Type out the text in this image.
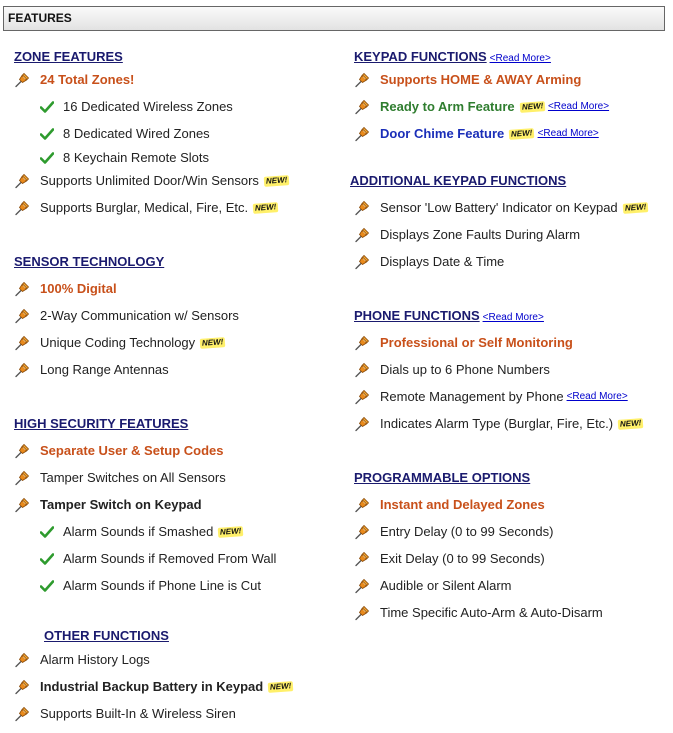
FEATURES
ZONE FEATURES
24 Total Zones!
16 Dedicated Wireless Zones
8 Dedicated Wired Zones
8 Keychain Remote Slots
Supports Unlimited Door/Win Sensors NEW!
Supports Burglar, Medical, Fire, Etc. NEW!
SENSOR TECHNOLOGY
100% Digital
2-Way Communication w/ Sensors
Unique Coding Technology NEW!
Long Range Antennas
HIGH SECURITY FEATURES
Separate User & Setup Codes
Tamper Switches on All Sensors
Tamper Switch on Keypad
Alarm Sounds if Smashed NEW!
Alarm Sounds if Removed From Wall
Alarm Sounds if Phone Line is Cut
OTHER FUNCTIONS
Alarm History Logs
Industrial Backup Battery in Keypad NEW!
Supports Built-In & Wireless Siren
KEYPAD FUNCTIONS <Read More>
Supports HOME & AWAY Arming
Ready to Arm Feature NEW! <Read More>
Door Chime Feature NEW! <Read More>
ADDITIONAL KEYPAD FUNCTIONS
Sensor 'Low Battery' Indicator on Keypad NEW!
Displays Zone Faults During Alarm
Displays Date & Time
PHONE FUNCTIONS <Read More>
Professional or Self Monitoring
Dials up to 6 Phone Numbers
Remote Management by Phone <Read More>
Indicates Alarm Type (Burglar, Fire, Etc.) NEW!
PROGRAMMABLE OPTIONS
Instant and Delayed Zones
Entry Delay (0 to 99 Seconds)
Exit Delay (0 to 99 Seconds)
Audible or Silent Alarm
Time Specific Auto-Arm & Auto-Disarm
